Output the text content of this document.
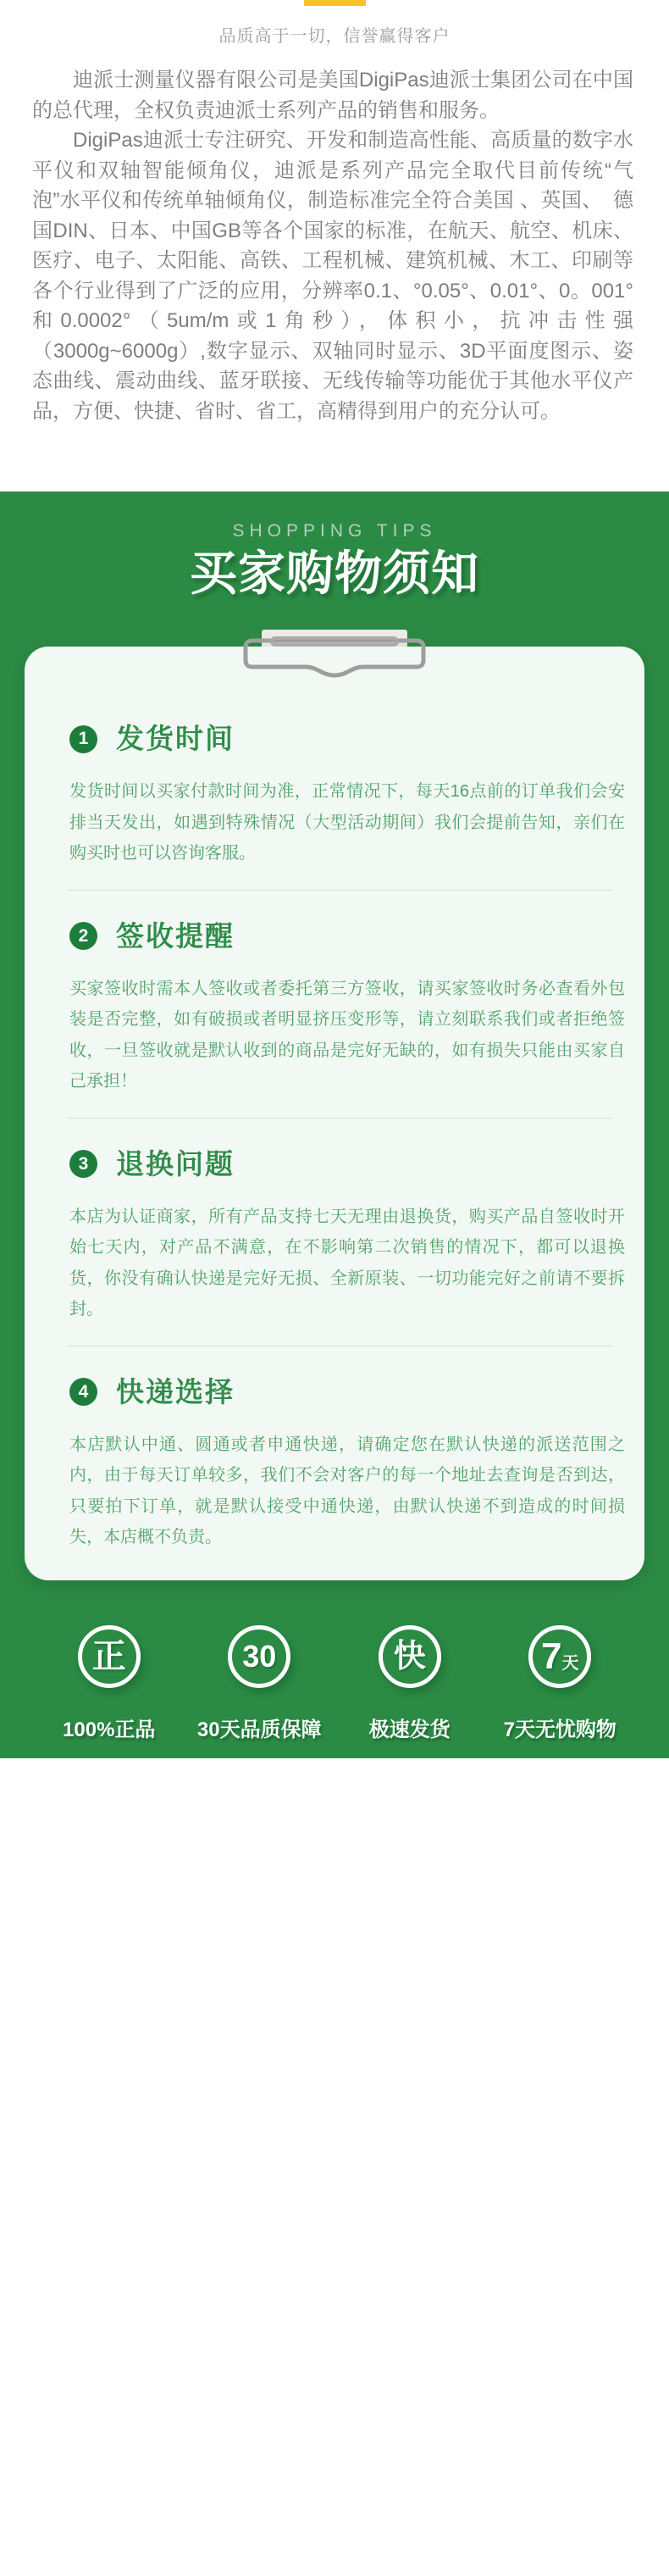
品质高于一切，信誉赢得客户

迪派士测量仪器有限公司是美国DigiPas迪派士集团公司在中国的总代理，全权负责迪派士系列产品的销售和服务。

DigiPas迪派士专注研究、开发和制造高性能、高质量的数字水平仪和双轴智能倾角仪，迪派是系列产品完全取代目前传统“气泡”水平仪和传统单轴倾角仪，制造标准完全符合美国 、英国、　德国DIN、日本、中国GB等各个国家的标准，在航天、航空、机床、医疗、电子、太阳能、高铁、工程机械、建筑机械、木工、印刷等各个行业得到了广泛的应用，分辨率0.1、°0.05°、0.01°、0。001°和0.0002°（5um/m或1角秒），体积小，抗冲击性强（3000g~6000g）,数字显示、双轴同时显示、3D平面度图示、姿态曲线、震动曲线、蓝牙联接、无线传输等功能优于其他水平仪产品，方便、快捷、省时、省工，高精得到用户的充分认可。

SHOPPING TIPS
买家购物须知
1 发货时间

发货时间以买家付款时间为准，正常情况下，每天16点前的订单我们会安排当天发出，如遇到特殊情况（大型活动期间）我们会提前告知，亲们在购买时也可以咨询客服。

2 签收提醒

买家签收时需本人签收或者委托第三方签收，请买家签收时务必查看外包装是否完整，如有破损或者明显挤压变形等，请立刻联系我们或者拒绝签收，一旦签收就是默认收到的商品是完好无缺的，如有损失只能由买家自己承担！

3 退换问题

本店为认证商家，所有产品支持七天无理由退换货，购买产品自签收时开始七天内，对产品不满意，在不影响第二次销售的情况下，都可以退换货，你没有确认快递是完好无损、全新原装、一切功能完好之前请不要拆封。

4 快递选择

本店默认中通、圆通或者申通快递，请确定您在默认快递的派送范围之内，由于每天订单较多，我们不会对客户的每一个地址去查询是否到达，只要拍下订单，就是默认接受中通快递，由默认快递不到造成的时间损失，本店概不负责。

正
100%正品
30
30天品质保障
快
极速发货
7 天
7天无忧购物
